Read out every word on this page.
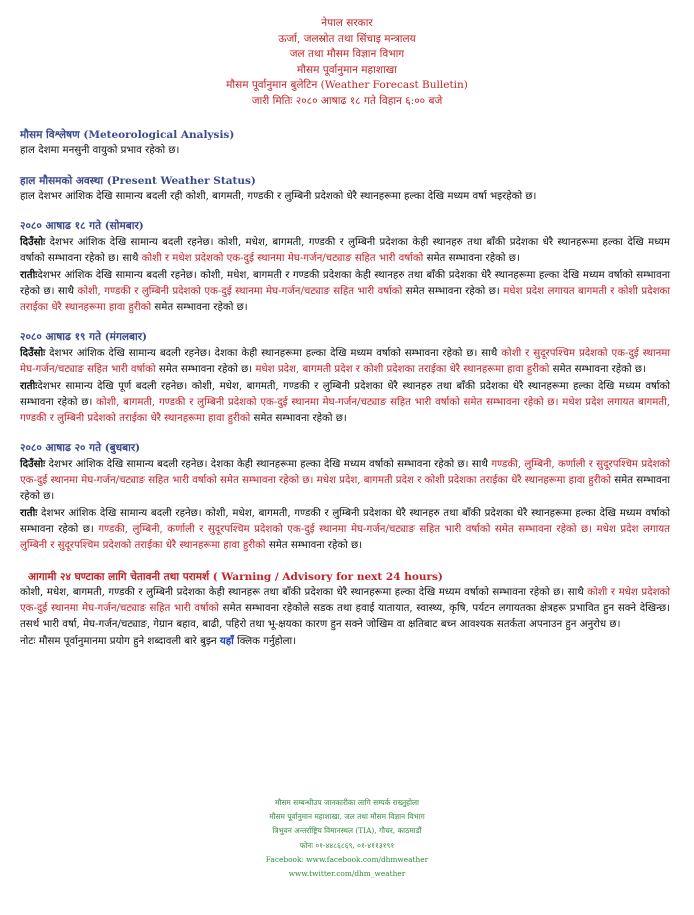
नेपाल सरकार
ऊर्जा, जलस्रोत तथा सिंचाइ मन्त्रालय
जल तथा मौसम विज्ञान विभाग
मौसम पूर्वानुमान महाशाखा
मौसम पूर्वानुमान बुलेटिन (Weather Forecast Bulletin)
जारी मितिः २०८० आषाढ १८ गते विहान ६:०० बजे
मौसम विश्लेषण (Meteorological Analysis)
हाल देशमा मनसुनी वायुको प्रभाव रहेको छ।
हाल मौसमको अवस्था (Present Weather Status)
हाल देशभर आंशिक देखि सामान्य बदली रही कोशी, बागमती, गण्डकी र लुम्बिनी प्रदेशको धेरै स्थानहरूमा हल्का देखि मध्यम वर्षा भइरहेको छ।
२०८० आषाढ १८ गते (सोमबार)
दिउँसोः देशभर आंशिक देखि सामान्य बदली रहनेछ। कोशी, मधेश, बागमती, गण्डकी र लुम्बिनी प्रदेशका केही स्थानहरु तथा बाँकी प्रदेशका धेरै स्थानहरूमा हल्का देखि मध्यम वर्षाको सम्भावना रहेको छ। साथै कोशी र मधेश प्रदेशको एक-दुई स्थानमा मेघ-गर्जन/चट्याङ सहित भारी वर्षाको समेत सम्भावना रहेको छ।
रातीःदेशभर आंशिक देखि सामान्य बदली रहनेछ। कोशी, मधेश, बागमती र गण्डकी प्रदेशका केही स्थानहरु तथा बाँकी प्रदेशका धेरै स्थानहरूमा हल्का देखि मध्यम वर्षाको सम्भावना रहेको छ। साथै कोशी, गण्डकी र लुम्बिनी प्रदेशको एक-दुई स्थानमा मेघ-गर्जन/चट्याङ सहित भारी वर्षाको समेत सम्भावना रहेको छ। मधेश प्रदेश लगायत बागमती र कोशी प्रदेशका तराईका धेरै स्थानहरूमा हावा हुरीको समेत सम्भावना रहेको छ।
२०८० आषाढ १९ गते (मंगलबार)
दिउँसोः देशभर आंशिक देखि सामान्य बदली रहनेछ। देशका केही स्थानहरूमा हल्का देखि मध्यम वर्षाको सम्भावना रहेको छ। साथै कोशी र सुदूरपश्चिम प्रदेशको एक-दुई स्थानमा मेघ-गर्जन/चट्याङ सहित भारी वर्षाको समेत सम्भावना रहेको छ। मधेश प्रदेश, बागमती प्रदेश र कोशी प्रदेशका तराईका धेरै स्थानहरूमा हावा हुरीको समेत सम्भावना रहेको छ।
रातीःदेशभर सामान्य देखि पूर्ण बदली रहनेछ। कोशी, मधेश, बागमती, गण्डकी र लुम्बिनी प्रदेशका धेरै स्थानहरु तथा बाँकी प्रदेशका धेरै स्थानहरूमा हल्का देखि मध्यम वर्षाको सम्भावना रहेको छ। कोशी, बागमती, गण्डकी र लुम्बिनी प्रदेशको एक-दुई स्थानमा मेघ-गर्जन/चट्याङ सहित भारी वर्षाको समेत सम्भावना रहेको छ। मधेश प्रदेश लगायत बागमती, गण्डकी र लुम्बिनी प्रदेशको तराईका धेरै स्थानहरूमा हावा हुरीको समेत सम्भावना रहेको छ।
२०८० आषाढ २० गते (बुधबार)
दिउँसोः देशभर आंशिक देखि सामान्य बदली रहनेछ। देशका केही स्थानहरूमा हल्का देखि मध्यम वर्षाको सम्भावना रहेको छ। साथै गण्डकी, लुम्बिनी, कर्णाली र सुदूरपश्चिम प्रदेशको एक-दुई स्थानमा मेघ-गर्जन/चट्याङ सहित भारी वर्षाको समेत सम्भावना रहेको छ। मधेश प्रदेश, बागमती प्रदेश र कोशी प्रदेशका तराईका धेरै स्थानहरूमा हावा हुरीको समेत सम्भावना रहेको छ।
रातीः देशभर आंशिक देखि सामान्य बदली रहनेछ। कोशी, मधेश, बागमती, गण्डकी र लुम्बिनी प्रदेशका धेरै स्थानहरु तथा बाँकी प्रदेशका धेरै स्थानहरूमा हल्का देखि मध्यम वर्षाको सम्भावना रहेको छ। गण्डकी, लुम्बिनी, कर्णाली र सुदूरपश्चिम प्रदेशको एक-दुई स्थानमा मेघ-गर्जन/चट्याङ सहित भारी वर्षाको समेत सम्भावना रहेको छ। मधेश प्रदेश लगायत लुम्बिनी र सुदूरपश्चिम प्रदेशको तराईका धेरै स्थानहरूमा हावा हुरीको समेत सम्भावना रहेको छ।
आगामी २४ घण्टाका लागि चेतावनी तथा परामर्श ( Warning / Advisory for next 24 hours)
कोशी, मधेश, बागमती, गण्डकी र लुम्बिनी प्रदेशका केही स्थानहरू तथा बाँकी प्रदेशका धेरै स्थानहरूमा हल्का देखि मध्यम वर्षाको सम्भावना रहेको छ। साथै कोशी र मधेश प्रदेशको एक-दुई स्थानमा मेघ-गर्जन/चट्याङ सहित भारी वर्षाको समेत सम्भावना रहेकोले सडक तथा हवाई यातायात, स्वास्थ्य, कृषि, पर्यटन लगायतका क्षेत्रहरू प्रभावित हुन सक्ने देखिन्छ। तसर्थ भारी वर्षा, मेघ-गर्जन/चट्याङ, गेग्रान बहाव, बाढी, पहिरो तथा भू-क्षयका कारण हुन सक्ने जोखिम वा क्षतिबाट बच्न आवश्यक सतर्कता अपनाउन हुन अनुरोध छ।
नोटः मौसम पूर्वानुमानमा प्रयोग हुने शब्दावली बारे बुझ्न यहाँ क्लिक गर्नुहोला।
मौसम सम्बन्धीउप जानकारीका लागि सम्पर्क राख्नुहोला
मौसम पूर्वानुमान महाशाखा, जल तथा मौसम विज्ञान विभाग
त्रिभुवन अन्तर्राष्ट्रिय विमानस्थल (TIA), गौचर, काठमाडौं
फोनः ०१-४४८६८६९, ०१-४११३१९१
Facebook: www.facebook.com/dhmweather
www.twitter.com/dhm_weather
